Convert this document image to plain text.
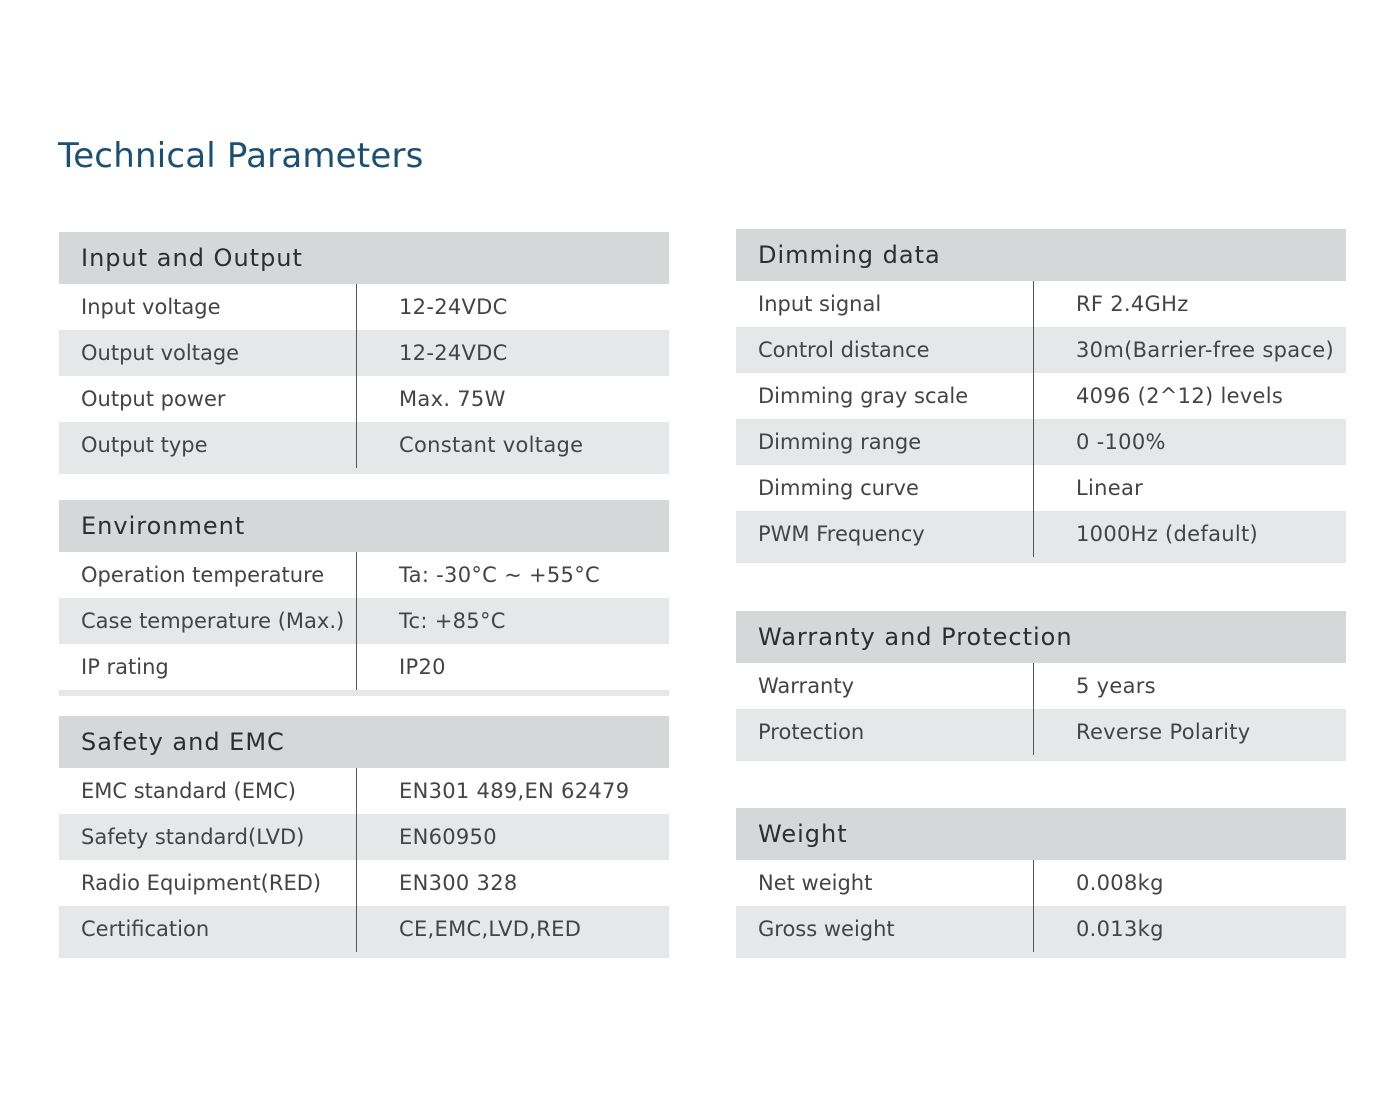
Technical Parameters
Input and Output
Input voltage	12-24VDC
Output voltage	12-24VDC
Output power	Max. 75W
Output type	Constant voltage
Environment
Operation temperature	Ta: -30°C ~ +55°C
Case temperature (Max.)	Tc: +85°C
IP rating	IP20
Safety and EMC
EMC standard (EMC)	EN301 489,EN 62479
Safety standard(LVD)	EN60950
Radio Equipment(RED)	EN300 328
Certification	CE,EMC,LVD,RED
Dimming data
Input signal	RF 2.4GHz
Control distance	30m(Barrier-free space)
Dimming gray scale	4096 (2^12) levels
Dimming range	0 -100%
Dimming curve	Linear
PWM Frequency	1000Hz (default)
Warranty and Protection
Warranty	5 years
Protection	Reverse Polarity
Weight
Net weight	0.008kg
Gross weight	0.013kg
